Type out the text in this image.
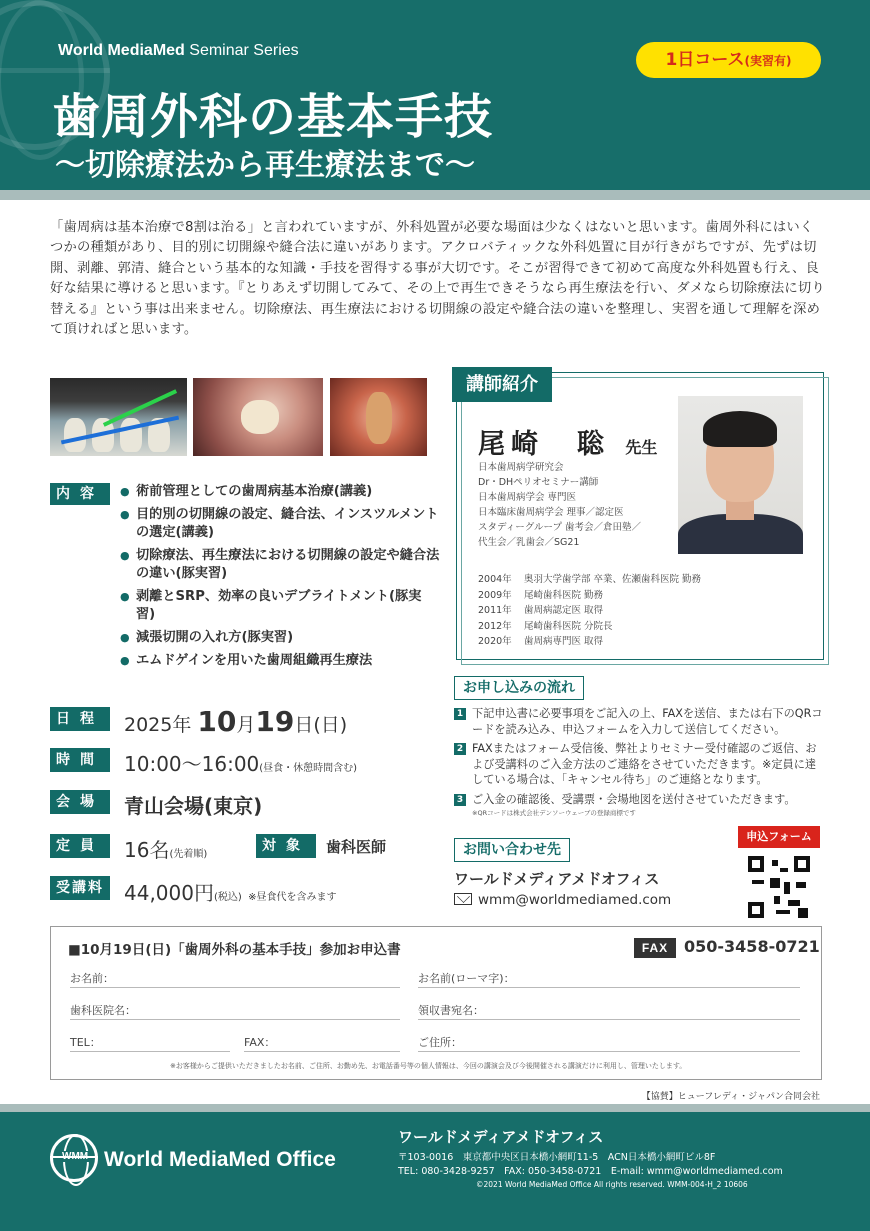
World MediaMed Seminar Series
歯周外科の基本手技
〜切除療法から再生療法まで〜
1日コース(実習有)

「歯周病は基本治療で8割は治る」と言われていますが、外科処置が必要な場面は少なくはないと思います。歯周外科にはいくつかの種類があり、目的別に切開線や縫合法に違いがあります。アクロバティックな外科処置に目が行きがちですが、先ずは切開、剥離、郭清、縫合という基本的な知識・手技を習得する事が大切です。そこが習得できて初めて高度な外科処置も行え、良好な結果に導けると思います。『とりあえず切開してみて、その上で再生できそうなら再生療法を行い、ダメなら切除療法に切り替える』という事は出来ません。切除療法、再生療法における切開線の設定や縫合法の違いを整理し、実習を通して理解を深めて頂ければと思います。

講師紹介
尾崎　聡 先生
日本歯周病学研究会
Dr・DHペリオセミナー講師
日本歯周病学会 専門医
日本臨床歯周病学会 理事／認定医
スタディーグループ 歯考会／倉田塾／
代生会／乳歯会／SG21
2004年 奥羽大学歯学部 卒業、佐瀬歯科医院 勤務
2009年 尾崎歯科医院 勤務
2011年 歯周病認定医 取得
2012年 尾崎歯科医院 分院長
2020年 歯周病専門医 取得
内容
●	術前管理としての歯周病基本治療(講義)
● 目的別の切開線の設定、縫合法、インスツルメントの選定(講義)
● 切除療法、再生療法における切開線の設定や縫合法の違い(豚実習)
● 剥離とSRP、効率の良いデブライトメント(豚実習)
● 減張切開の入れ方(豚実習)
● エムドゲインを用いた歯周組織再生療法
日程	2025年 10月19日(日)
時間	10:00〜16:00(昼食・休憩時間含む)
会場	青山会場(東京)
定員	16名(先着順)
対象	歯科医師
受講料	44,000円(税込) ※昼食代を含みます
お申し込みの流れ
1 下記申込書に必要事項をご記入の上、FAXを送信、または右下のQRコードを読み込み、申込フォームを入力して送信してください。
2 FAXまたはフォーム受信後、弊社よりセミナー受付確認のご返信、および受講料のご入金方法のご連絡をさせていただきます。※定員に達している場合は、「キャンセル待ち」のご連絡となります。
3 ご入金の確認後、受講票・会場地図を送付させていただきます。
※QRコードは株式会社デンソーウェーブの登録商標です
お問い合わせ先
ワールドメディアメドオフィス
wmm@worldmediamed.com
申込フォーム
■10月19日(日)「歯周外科の基本手技」参加お申込書	FAX 050-3458-0721
お名前：	お名前(ローマ字)：
歯科医院名：	領収書宛名：
TEL：	FAX：	ご住所：
※お客様からご提供いただきましたお名前、ご住所、お勤め先、お電話番号等の個人情報は、今回の講演会及び今後開催される講演だけに利用し、管理いたします。
【協賛】ヒューフレディ・ジャパン合同会社
WMM World MediaMed Office
ワールドメディアメドオフィス
〒103-0016　東京都中央区日本橋小網町11-5　ACN日本橋小網町ビル8F
TEL: 080-3428-9257　FAX: 050-3458-0721　E-mail: wmm@worldmediamed.com
©2021 World MediaMed Office All rights reserved. WMM-004-H_2 10606
